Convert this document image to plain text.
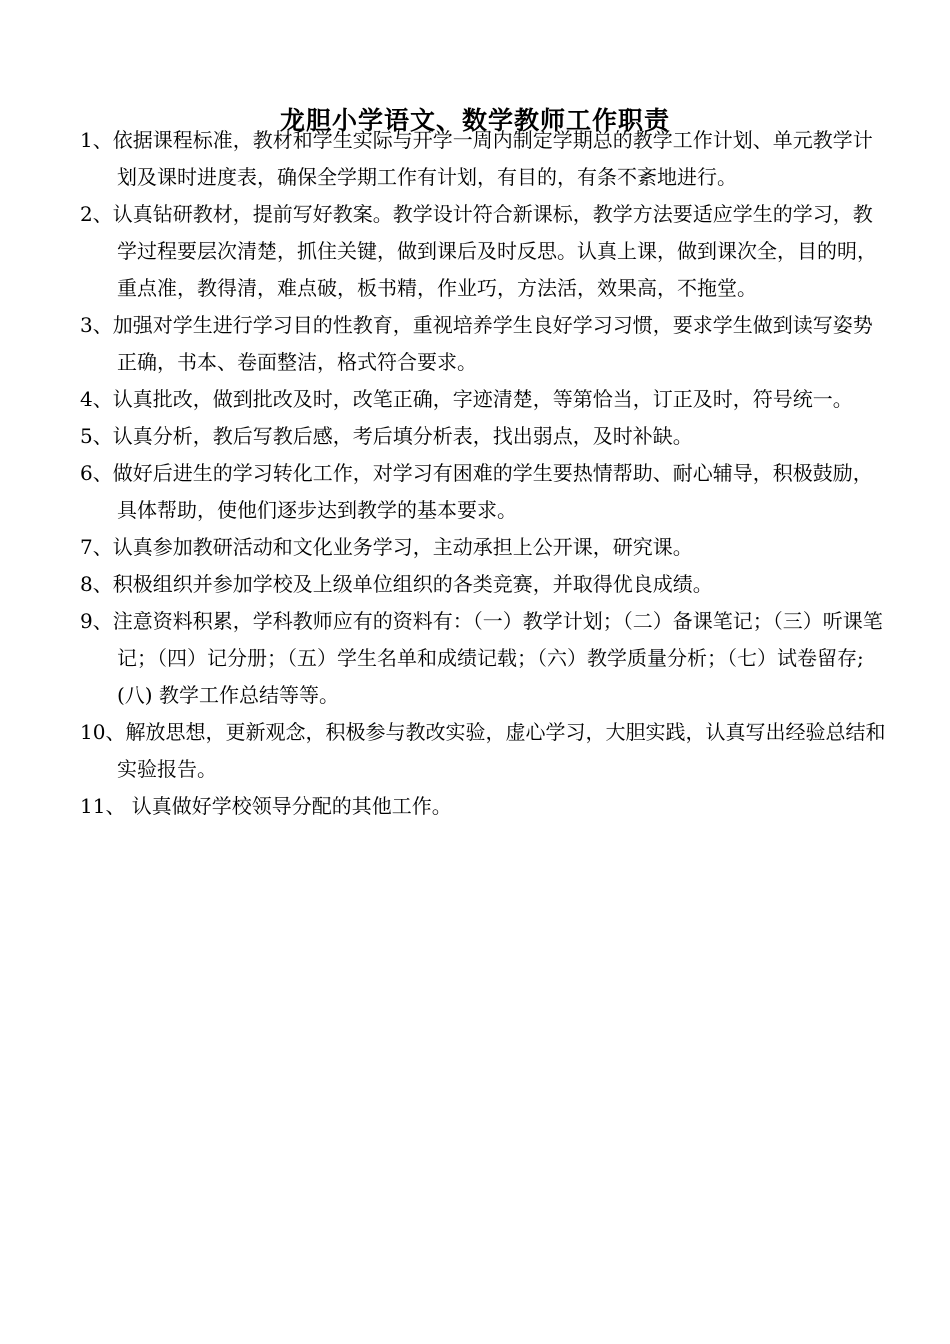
龙胆小学语文、数学教师工作职责
1、依据课程标准，教材和学生实际与开学一周内制定学期总的教学工作计划、单元教学计划及课时进度表，确保全学期工作有计划，有目的，有条不紊地进行。
2、认真钻研教材，提前写好教案。教学设计符合新课标，教学方法要适应学生的学习，教学过程要层次清楚，抓住关键，做到课后及时反思。认真上课，做到课次全，目的明，重点准，教得清，难点破，板书精，作业巧，方法活，效果高，不拖堂。
3、加强对学生进行学习目的性教育，重视培养学生良好学习习惯，要求学生做到读写姿势正确，书本、卷面整洁，格式符合要求。
4、认真批改，做到批改及时，改笔正确，字迹清楚，等第恰当，订正及时，符号统一。
5、认真分析，教后写教后感，考后填分析表，找出弱点，及时补缺。
6、做好后进生的学习转化工作，对学习有困难的学生要热情帮助、耐心辅导，积极鼓励，具体帮助，使他们逐步达到教学的基本要求。
7、认真参加教研活动和文化业务学习，主动承担上公开课，研究课。
8、积极组织并参加学校及上级单位组织的各类竞赛，并取得优良成绩。
9、注意资料积累，学科教师应有的资料有：（一）教学计划；（二）备课笔记；（三）听课笔记；（四）记分册；（五）学生名单和成绩记载；（六）教学质量分析；（七）试卷留存;(八) 教学工作总结等等。
10、解放思想，更新观念，积极参与教改实验，虚心学习，大胆实践，认真写出经验总结和实验报告。
11、 认真做好学校领导分配的其他工作。
